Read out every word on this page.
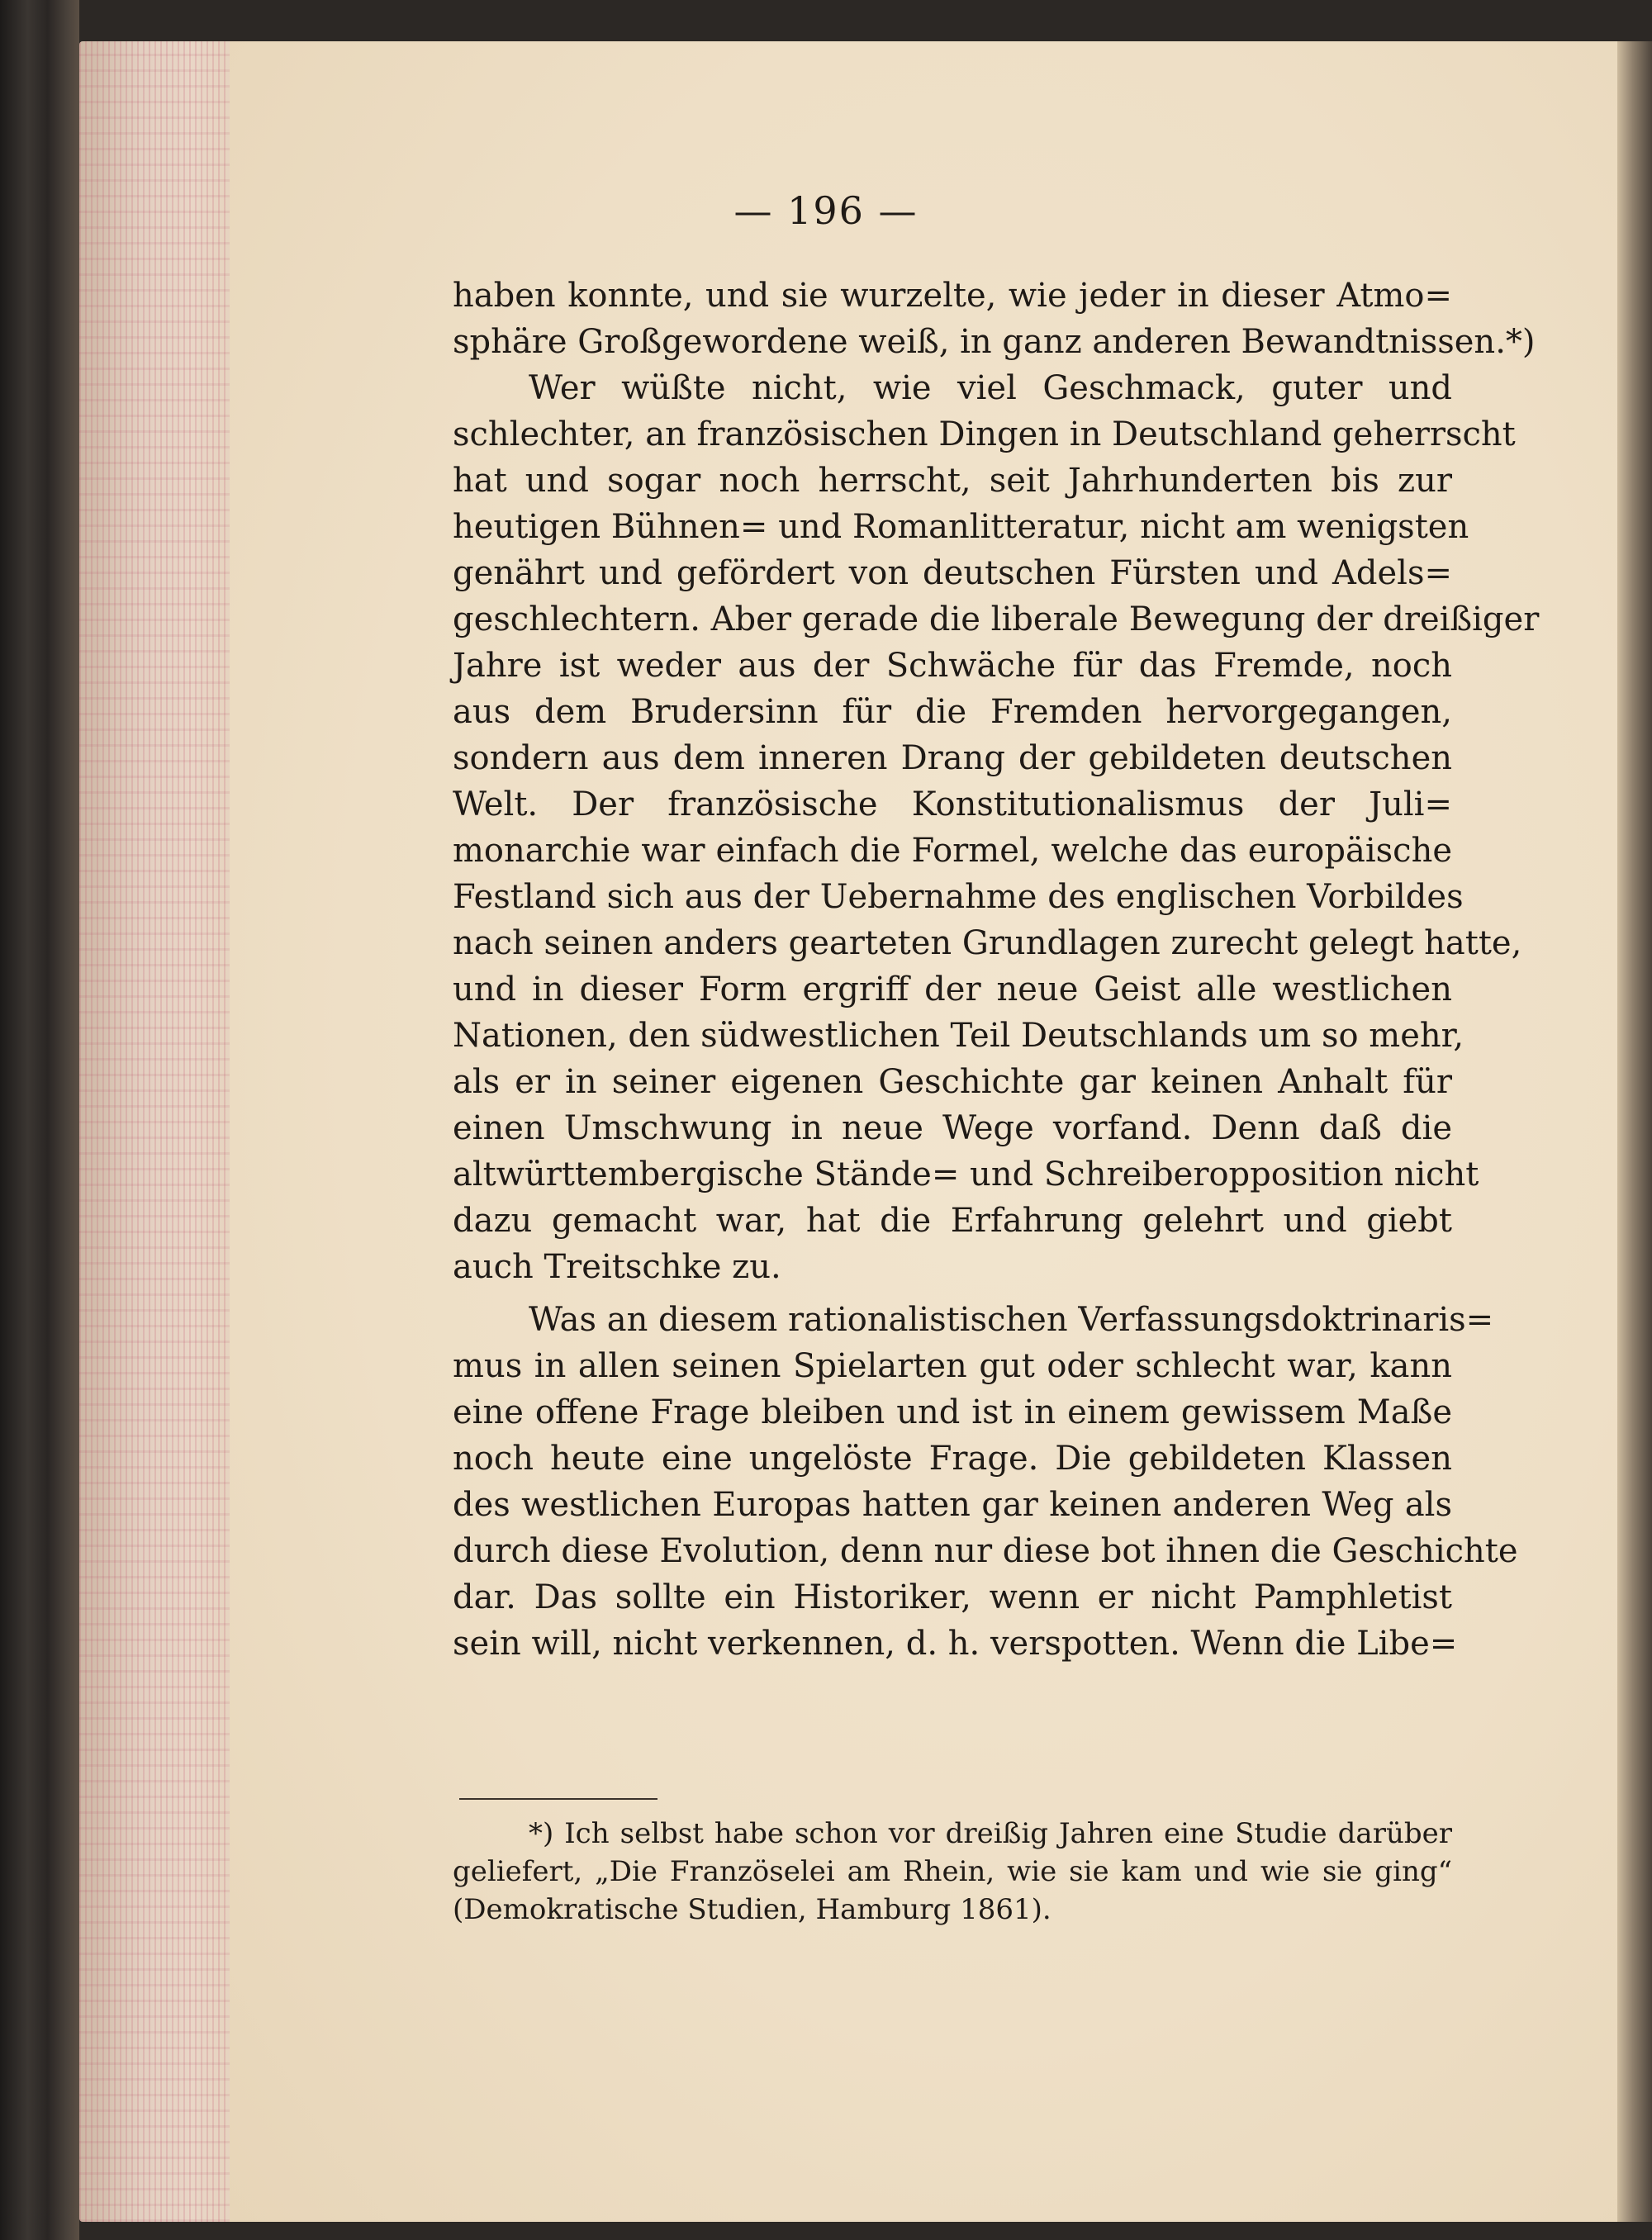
— 196 —
haben konnte, und sie wurzelte, wie jeder in dieser Atmo=
sphäre Großgewordene weiß, in ganz anderen Bewandtnissen.*)
Wer wüßte nicht, wie viel Geschmack, guter und
schlechter, an französischen Dingen in Deutschland geherrscht
hat und sogar noch herrscht, seit Jahrhunderten bis zur
heutigen Bühnen= und Romanlitteratur, nicht am wenigsten
genährt und gefördert von deutschen Fürsten und Adels=
geschlechtern. Aber gerade die liberale Bewegung der dreißiger
Jahre ist weder aus der Schwäche für das Fremde, noch
aus dem Brudersinn für die Fremden hervorgegangen,
sondern aus dem inneren Drang der gebildeten deutschen
Welt. Der französische Konstitutionalismus der Juli=
monarchie war einfach die Formel, welche das europäische
Festland sich aus der Uebernahme des englischen Vorbildes
nach seinen anders gearteten Grundlagen zurecht gelegt hatte,
und in dieser Form ergriff der neue Geist alle westlichen
Nationen, den südwestlichen Teil Deutschlands um so mehr,
als er in seiner eigenen Geschichte gar keinen Anhalt für
einen Umschwung in neue Wege vorfand. Denn daß die
altwürttembergische Stände= und Schreiberopposition nicht
dazu gemacht war, hat die Erfahrung gelehrt und giebt
auch Treitschke zu.
Was an diesem rationalistischen Verfassungsdoktrinaris=
mus in allen seinen Spielarten gut oder schlecht war, kann
eine offene Frage bleiben und ist in einem gewissem Maße
noch heute eine ungelöste Frage. Die gebildeten Klassen
des westlichen Europas hatten gar keinen anderen Weg als
durch diese Evolution, denn nur diese bot ihnen die Geschichte
dar. Das sollte ein Historiker, wenn er nicht Pamphletist
sein will, nicht verkennen, d. h. verspotten. Wenn die Libe=
*) Ich selbst habe schon vor dreißig Jahren eine Studie darüber
geliefert, „Die Französelei am Rhein, wie sie kam und wie sie ging“
(Demokratische Studien, Hamburg 1861).
